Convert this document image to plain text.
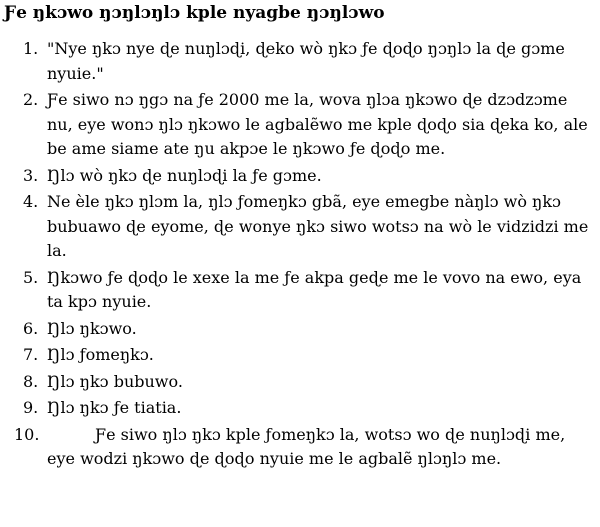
Ƒe ŋkɔwo ŋɔŋlɔŋlɔ kple nyagbe ŋɔŋlɔwo
1. "Nye ŋkɔ nye ɖe nuŋlɔɖi, ɖeko wò ŋkɔ ƒe ɖoɖo ŋɔŋlɔ la ɖe gɔme nyuie."
2. Ƒe siwo nɔ ŋgɔ na ƒe 2000 me la, wova ŋlɔa ŋkɔwo ɖe dzɔdzɔme nu, eye wonɔ ŋlɔ ŋkɔwo le agbalẽwo me kple ɖoɖo sia ɖeka ko, ale be ame siame ate ŋu akpɔe le ŋkɔwo ƒe ɖoɖo me.
3. Ŋlɔ wò ŋkɔ ɖe nuŋlɔɖi la ƒe gɔme.
4. Ne èle ŋkɔ ŋlɔm la, ŋlɔ ƒomeŋkɔ gbã, eye emegbe nàŋlɔ wò ŋkɔ bubuawo ɖe eyome, ɖe wonye ŋkɔ siwo wotsɔ na wò le vidzidzi me la.
5. Ŋkɔwo ƒe ɖoɖo le xexe la me ƒe akpa geɖe me le vovo na ewo, eya ta kpɔ nyuie.
6. Ŋlɔ ŋkɔwo.
7. Ŋlɔ ƒomeŋkɔ.
8. Ŋlɔ ŋkɔ bubuwo.
9. Ŋlɔ ŋkɔ ƒe tiatia.
10.	Ƒe siwo ŋlɔ ŋkɔ kple ƒomeŋkɔ la, wotsɔ wo ɖe nuŋlɔɖi me, eye wodzi ŋkɔwo ɖe ɖoɖo nyuie me le agbalẽ ŋlɔŋlɔ me.
